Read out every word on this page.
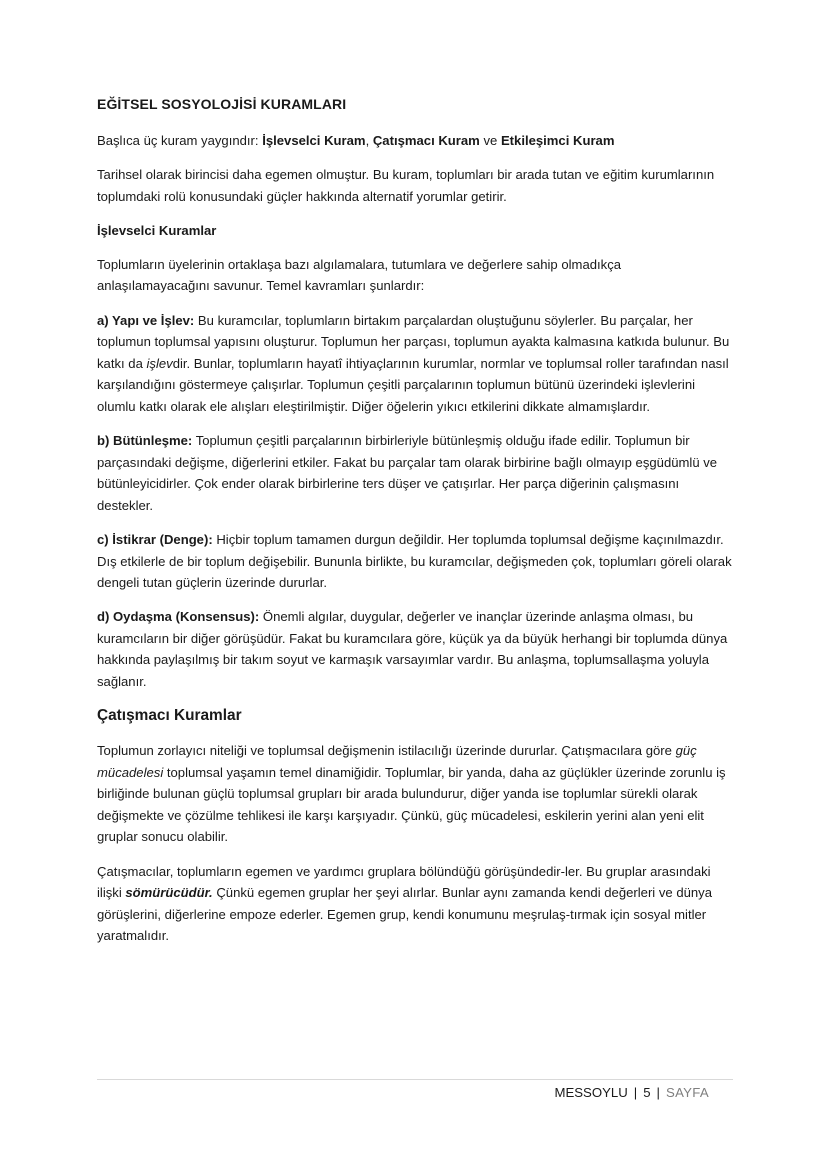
EĞİTSEL SOSYOLOJİSİ KURAMLARI

Başlıca üç kuram yaygındır: İşlevselci Kuram, Çatışmacı Kuram ve Etkileşimci Kuram

Tarihsel olarak birincisi daha egemen olmuştur. Bu kuram, toplumları bir arada tutan ve eğitim kurumlarının toplumdaki rolü konusundaki güçler hakkında alternatif yorumlar getirir.

İşlevselci Kuramlar

Toplumların üyelerinin ortaklaşa bazı algılamalara, tutumlara ve değerlere sahip olmadıkça anlaşılamayacağını savunur. Temel kavramları şunlardır:

a) Yapı ve İşlev: Bu kuramcılar, toplumların birtakım parçalardan oluştuğunu söylerler. Bu parçalar, her toplumun toplumsal yapısını oluşturur. Toplumun her parçası, toplumun ayakta kalmasına katkıda bulunur. Bu katkı da işlevdir. Bunlar, toplumların hayatî ihtiyaçlarının kurumlar, normlar ve toplumsal roller tarafından nasıl karşılandığını göstermeye çalışırlar. Toplumun çeşitli parçalarının toplumun bütünü üzerindeki işlevlerini olumlu katkı olarak ele alışları eleştirilmiştir. Diğer öğelerin yıkıcı etkilerini dikkate almamışlardır.

b) Bütünleşme: Toplumun çeşitli parçalarının birbirleriyle bütünleşmiş olduğu ifade edilir. Toplumun bir parçasındaki değişme, diğerlerini etkiler. Fakat bu parçalar tam olarak birbirine bağlı olmayıp eşgüdümlü ve bütünleyicidirler. Çok ender olarak birbirlerine ters düşer ve çatışırlar. Her parça diğerinin çalışmasını destekler.

c) İstikrar (Denge): Hiçbir toplum tamamen durgun değildir. Her toplumda toplumsal değişme kaçınılmazdır. Dış etkilerle de bir toplum değişebilir. Bununla birlikte, bu kuramcılar, değişmeden çok, toplumları göreli olarak dengeli tutan güçlerin üzerinde dururlar.

d) Oydaşma (Konsensus): Önemli algılar, duygular, değerler ve inançlar üzerinde anlaşma olması, bu kuramcıların bir diğer görüşüdür. Fakat bu kuramcılara göre, küçük ya da büyük herhangi bir toplumda dünya hakkında paylaşılmış bir takım soyut ve karmaşık varsayımlar vardır. Bu anlaşma, toplumsallaşma yoluyla sağlanır.

Çatışmacı Kuramlar

Toplumun zorlayıcı niteliği ve toplumsal değişmenin istilacılığı üzerinde dururlar. Çatışmacılara göre güç mücadelesi toplumsal yaşamın temel dinamiğidir. Toplumlar, bir yanda, daha az güçlükler üzerinde zorunlu iş birliğinde bulunan güçlü toplumsal grupları bir arada bulundurur, diğer yanda ise toplumlar sürekli olarak değişmekte ve çözülme tehlikesi ile karşı karşıyadır. Çünkü, güç mücadelesi, eskilerin yerini alan yeni elit gruplar sonucu olabilir.

Çatışmacılar, toplumların egemen ve yardımcı gruplara bölündüğü görüşündedir-ler. Bu gruplar arasındaki ilişki sömürücüdür. Çünkü egemen gruplar her şeyi alırlar. Bunlar aynı zamanda kendi değerleri ve dünya görüşlerini, diğerlerine empoze ederler. Egemen grup, kendi konumunu meşrulaş-tırmak için sosyal mitler yaratmalıdır.

MESSOYLU | 5 | SAYFA
